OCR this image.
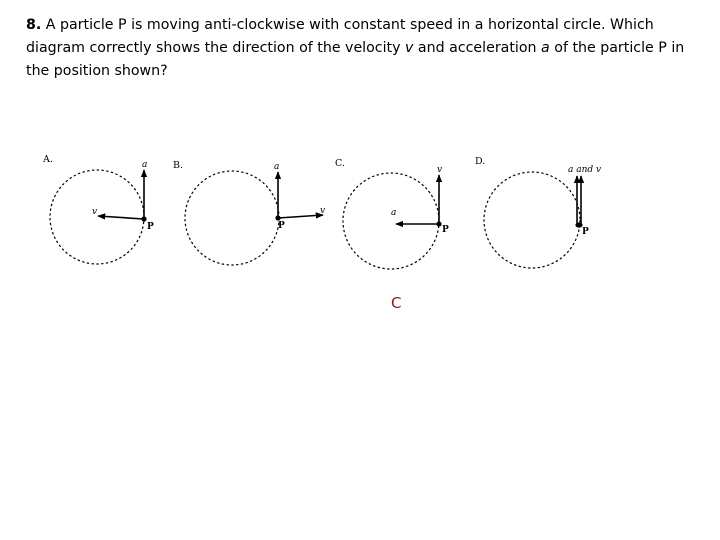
8. A particle P is moving anti-clockwise with constant speed in a horizontal circle. Which diagram correctly shows the direction of the velocity v and acceleration a of the particle P in the position shown?

A.	a
v
P
B.	a
v
P
C.
v
a
P
D.
a and v
P
C
